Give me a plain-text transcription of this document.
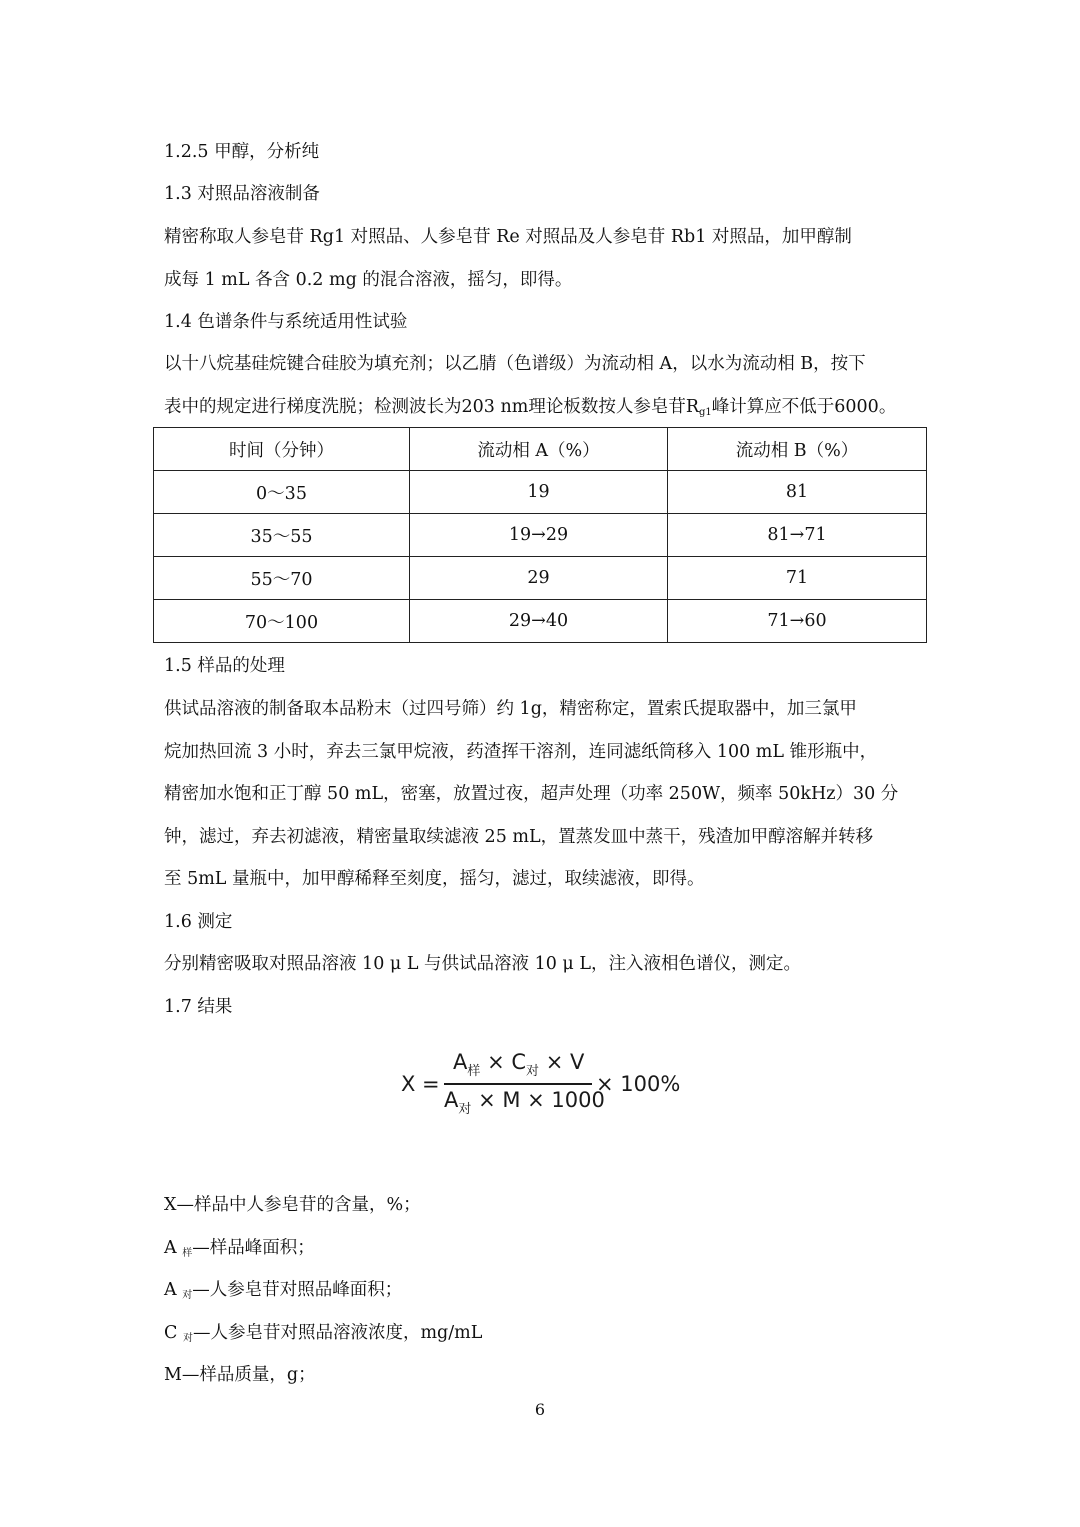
1.2.5 甲醇，分析纯
1.3 对照品溶液制备
精密称取人参皂苷 Rg1 对照品、人参皂苷 Re 对照品及人参皂苷 Rb1 对照品，加甲醇制
成每 1 mL 各含 0.2 mg 的混合溶液，摇匀，即得。
1.4 色谱条件与系统适用性试验
以十八烷基硅烷键合硅胶为填充剂；以乙腈（色谱级）为流动相 A，以水为流动相 B，按下
表中的规定进行梯度洗脱；检测波长为203 nm理论板数按人参皂苷Rg1峰计算应不低于6000。
时间（分钟）	流动相 A（%）	流动相 B（%）
0～35	19	81
35～55	19→29	81→71
55～70	29	71
70～100	29→40	71→60
1.5 样品的处理
供试品溶液的制备取本品粉末（过四号筛）约 1g，精密称定，置索氏提取器中，加三氯甲
烷加热回流 3 小时，弃去三氯甲烷液，药渣挥干溶剂，连同滤纸筒移入 100 mL 锥形瓶中，
精密加水饱和正丁醇 50 mL，密塞，放置过夜，超声处理（功率 250W，频率 50kHz）30 分
钟，滤过，弃去初滤液，精密量取续滤液 25 mL，置蒸发皿中蒸干，残渣加甲醇溶解并转移
至 5mL 量瓶中，加甲醇稀释至刻度，摇匀，滤过，取续滤液，即得。
1.6 测定
分别精密吸取对照品溶液 10 μ L 与供试品溶液 10 μ L，注入液相色谱仪，测定。
1.7 结果
X =
$A_样 \times C_对 \times V$
$A_对 \times M \times 1000$
× 100%
X—样品中人参皂苷的含量，%；
A 样—样品峰面积；
A 对—人参皂苷对照品峰面积；
C 对—人参皂苷对照品溶液浓度，mg/mL
M—样品质量，g；
6
